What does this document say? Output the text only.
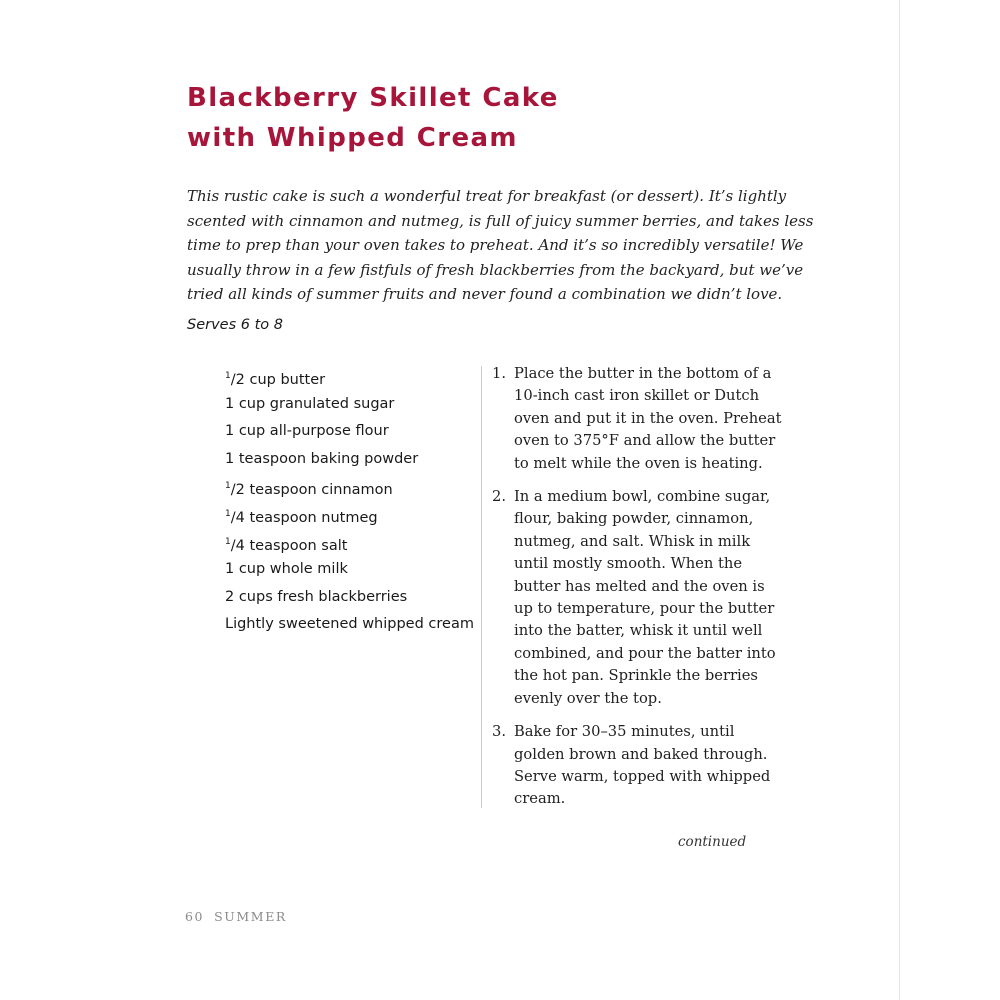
Blackberry Skillet Cake
with Whipped Cream

This rustic cake is such a wonderful treat for breakfast (or dessert). It’s lightly
scented with cinnamon and nutmeg, is full of juicy summer berries, and takes less
time to prep than your oven takes to preheat. And it’s so incredibly versatile! We
usually throw in a few fistfuls of fresh blackberries from the backyard, but we’ve
tried all kinds of summer fruits and never found a combination we didn’t love.

Serves 6 to 8
$^1$/2 cup butter
1 cup granulated sugar
1 cup all-purpose flour
1 teaspoon baking powder
$^1$/2 teaspoon cinnamon
$^1$/4 teaspoon nutmeg
$^1$/4 teaspoon salt
1 cup whole milk
2 cups fresh blackberries
Lightly sweetened whipped cream
1. Place the butter in the bottom of a
10-inch cast iron skillet or Dutch
oven and put it in the oven. Preheat
oven to 375°F and allow the butter
to melt while the oven is heating.
2. In a medium bowl, combine sugar,
flour, baking powder, cinnamon,
nutmeg, and salt. Whisk in milk
until mostly smooth. When the
butter has melted and the oven is
up to temperature, pour the butter
into the batter, whisk it until well
combined, and pour the batter into
the hot pan. Sprinkle the berries
evenly over the top.
3. Bake for 30–35 minutes, until
golden brown and baked through.
Serve warm, topped with whipped
cream.
continued
60 SUMMER
